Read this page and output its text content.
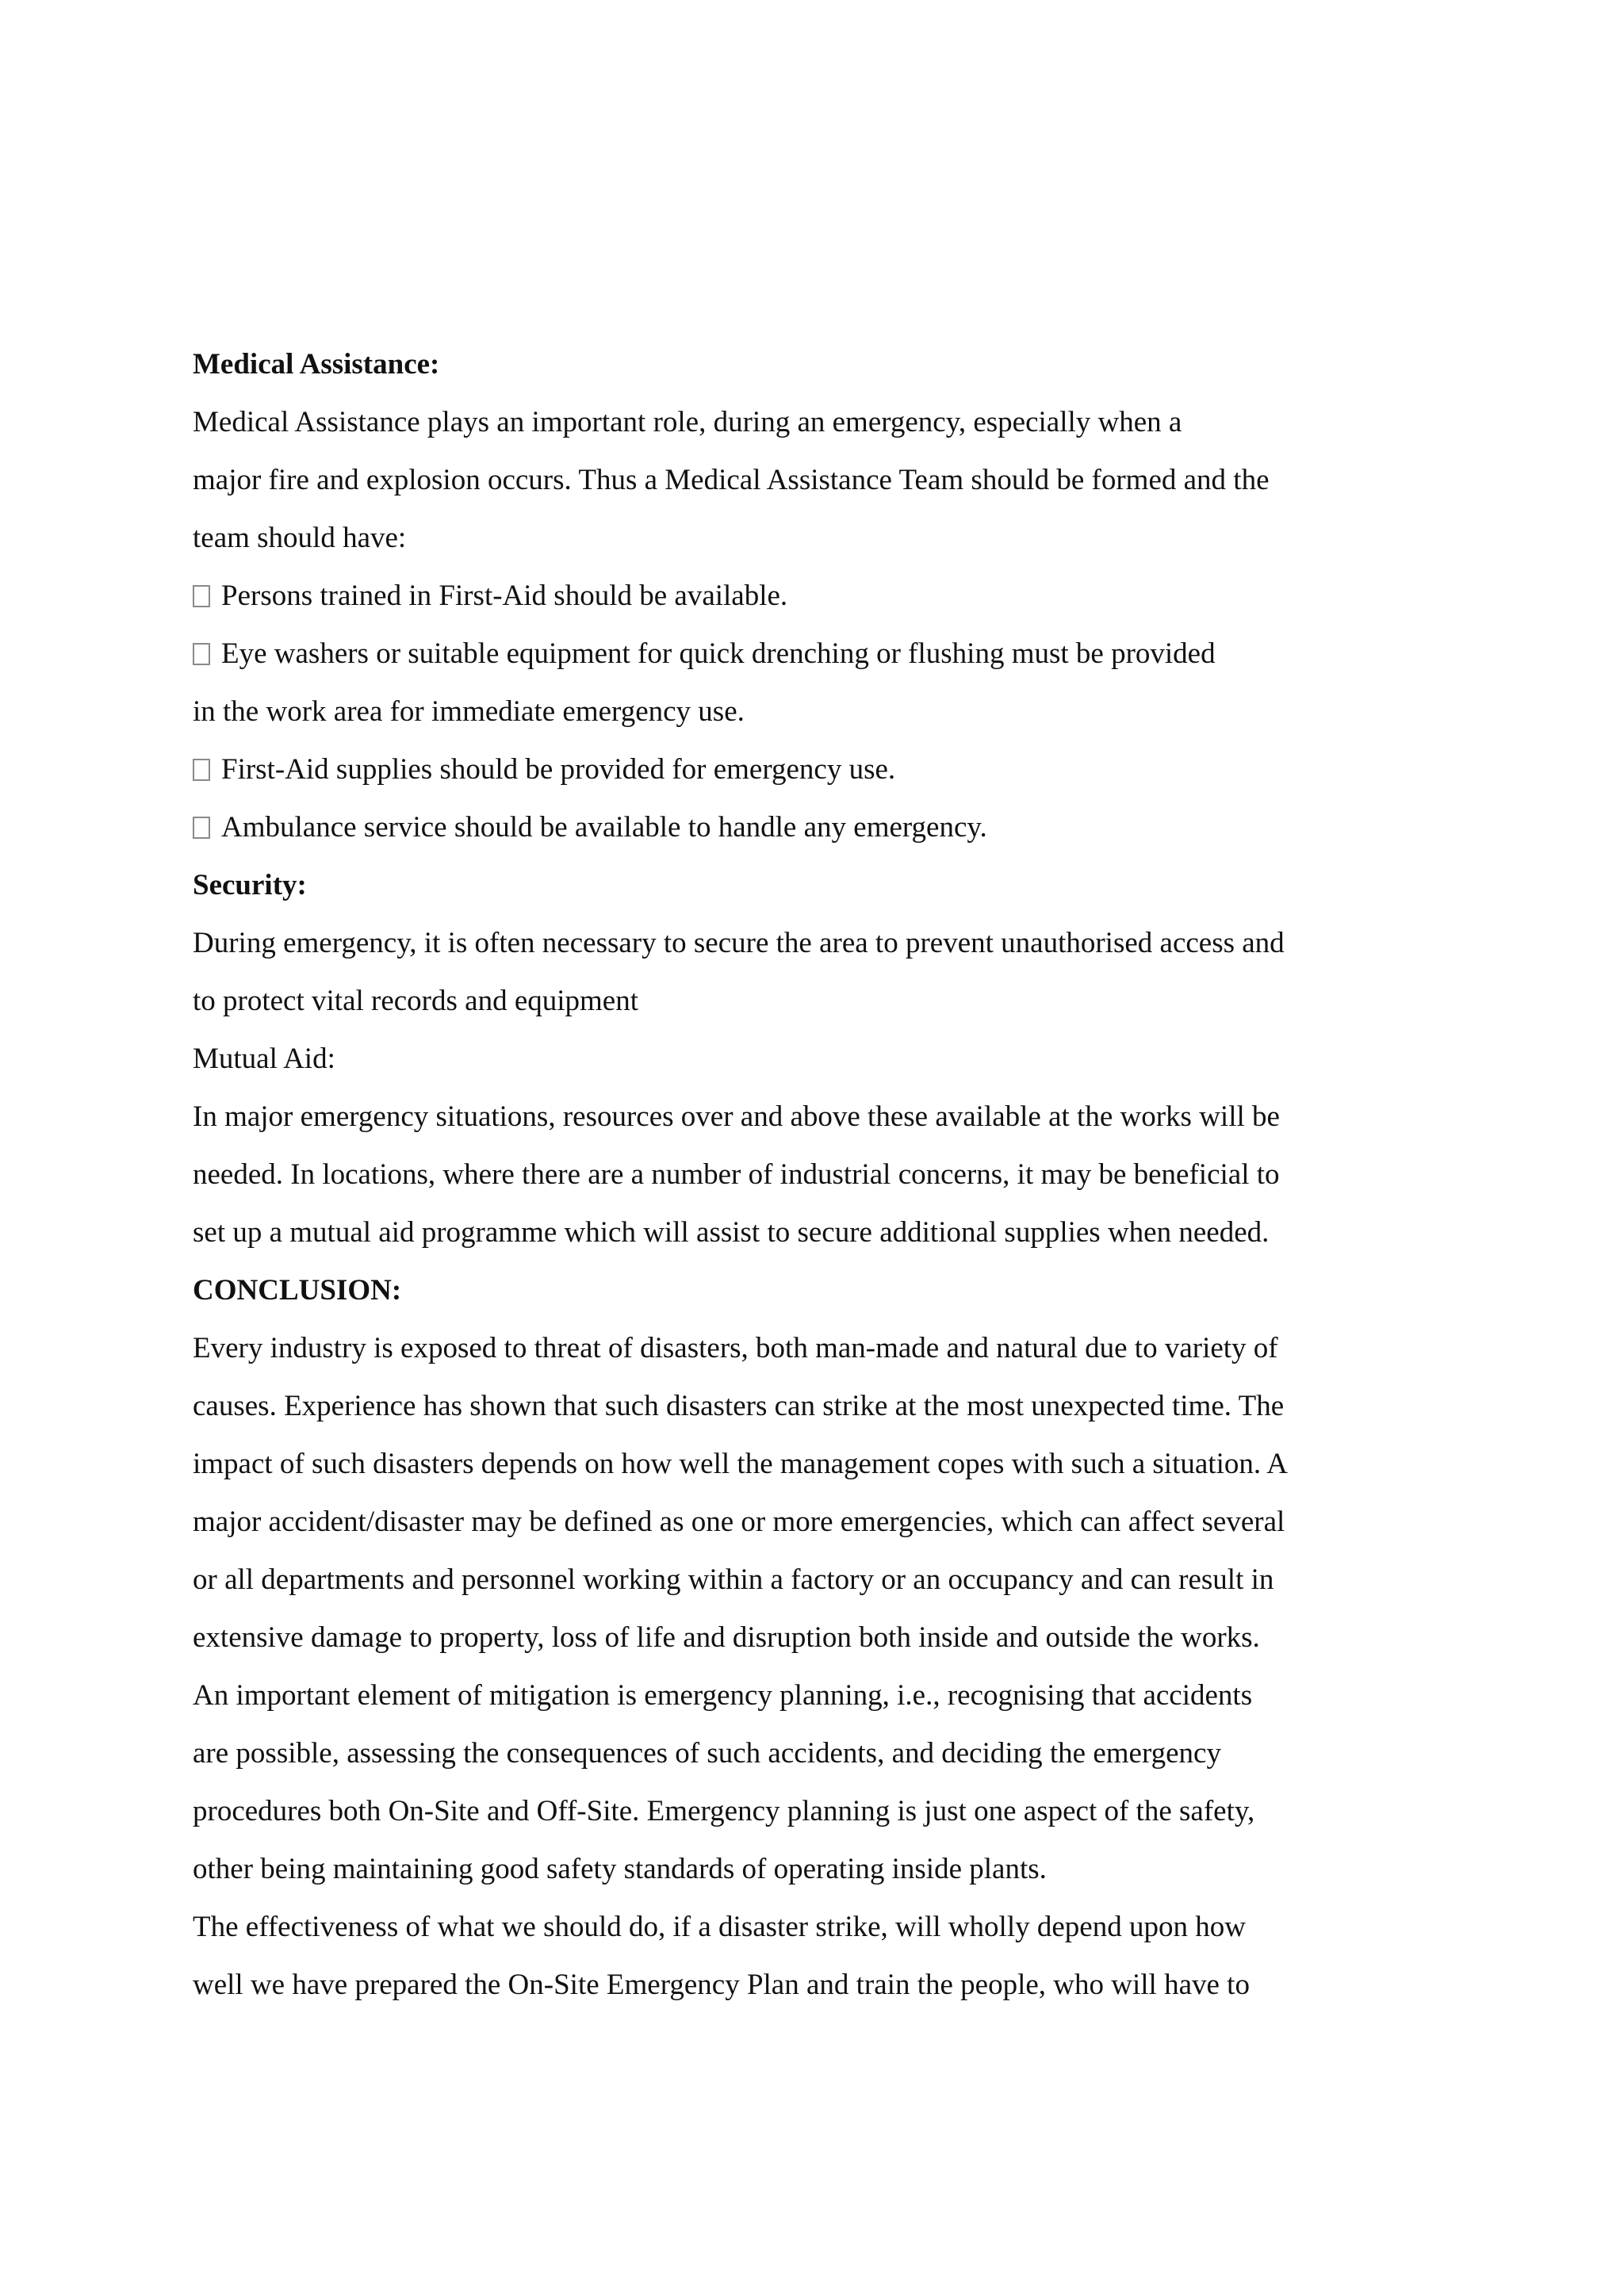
Medical Assistance:
Medical Assistance plays an important role, during an emergency, especially when a
major fire and explosion occurs. Thus a Medical Assistance Team should be formed and the
team should have:
Persons trained in First-Aid should be available.
Eye washers or suitable equipment for quick drenching or flushing must be provided
in the work area for immediate emergency use.
First-Aid supplies should be provided for emergency use.
Ambulance service should be available to handle any emergency.
Security:
During emergency, it is often necessary to secure the area to prevent unauthorised access and
to protect vital records and equipment
Mutual Aid:
In major emergency situations, resources over and above these available at the works will be
needed. In locations, where there are a number of industrial concerns, it may be beneficial to
set up a mutual aid programme which will assist to secure additional supplies when needed.
CONCLUSION:
Every industry is exposed to threat of disasters, both man-made and natural due to variety of
causes. Experience has shown that such disasters can strike at the most unexpected time. The
impact of such disasters depends on how well the management copes with such a situation. A
major accident/disaster may be defined as one or more emergencies, which can affect several
or all departments and personnel working within a factory or an occupancy and can result in
extensive damage to property, loss of life and disruption both inside and outside the works.
An important element of mitigation is emergency planning, i.e., recognising that accidents
are possible, assessing the consequences of such accidents, and deciding the emergency
procedures both On-Site and Off-Site. Emergency planning is just one aspect of the safety,
other being maintaining good safety standards of operating inside plants.
The effectiveness of what we should do, if a disaster strike, will wholly depend upon how
well we have prepared the On-Site Emergency Plan and train the people, who will have to
